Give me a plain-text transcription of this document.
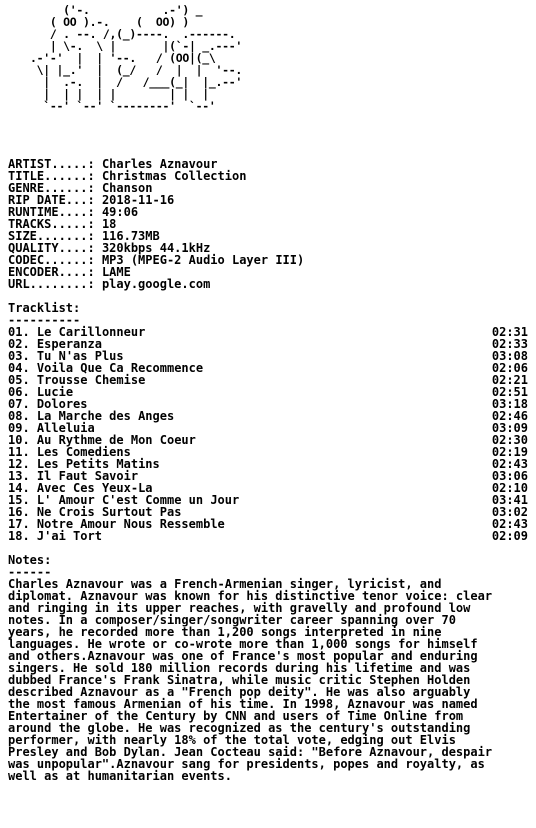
('-.           .-') _
( OO ).-.    (  OO) )
/ . --. /,(_)----.  .------.
| \-.  \ |       |(`-| _.---'
.-'-'  |  | '--.   / (OO|(_\
\| |_.'  |  (_/   /  |  |  '--.
|  .-.  |  /   /___(_|  |_.--'
|  | |  | |        | |  |
`--' `--' `--------'  `--'
ARTIST.....: Charles Aznavour
TITLE......: Christmas Collection
GENRE......: Chanson
RIP DATE...: 2018-11-16
RUNTIME....: 49:06
TRACKS.....: 18
SIZE.......: 116.73MB
QUALITY....: 320kbps 44.1kHz
CODEC......: MP3 (MPEG-2 Audio Layer III)
ENCODER....: LAME
URL........: play.google.com
Tracklist:
----------
01. Le Carillonneur	02:31
02. Esperanza	02:33
03. Tu N'as Plus	03:08
04. Voila Que Ca Recommence	02:06
05. Trousse Chemise	02:21
06. Lucie	02:51
07. Dolores	03:18
08. La Marche des Anges	02:46
09. Alleluia	03:09
10. Au Rythme de Mon Coeur	02:30
11. Les Comediens	02:19
12. Les Petits Matins	02:43
13. Il Faut Savoir	03:06
14. Avec Ces Yeux-La	02:10
15. L' Amour C'est Comme un Jour	03:41
16. Ne Crois Surtout Pas	03:02
17. Notre Amour Nous Ressemble	02:43
18. J'ai Tort	02:09
Notes:
------

Charles Aznavour was a French-Armenian singer, lyricist, and diplomat. Aznavour was known for his distinctive tenor voice: clear and ringing in its upper reaches, with gravelly and profound low notes. In a composer/singer/songwriter career spanning over 70 years, he recorded more than 1,200 songs interpreted in nine languages. He wrote or co-wrote more than 1,000 songs for himself and others.Aznavour was one of France's most popular and enduring singers. He sold 180 million records during his lifetime and was dubbed France's Frank Sinatra, while music critic Stephen Holden described Aznavour as a "French pop deity". He was also arguably the most famous Armenian of his time. In 1998, Aznavour was named Entertainer of the Century by CNN and users of Time Online from around the globe. He was recognized as the century's outstanding performer, with nearly 18% of the total vote, edging out Elvis Presley and Bob Dylan. Jean Cocteau said: "Before Aznavour, despair was unpopular".Aznavour sang for presidents, popes and royalty, as well as at humanitarian events.
